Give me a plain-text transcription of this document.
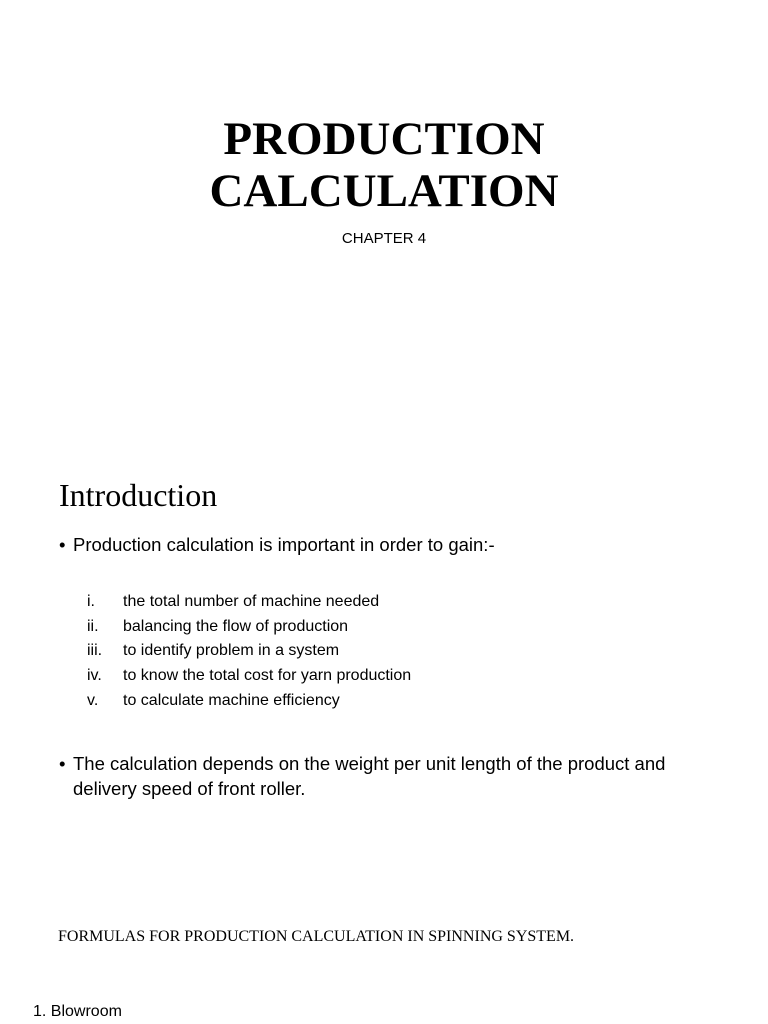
PRODUCTION
CALCULATION
CHAPTER 4
Introduction
• Production calculation is important in order to gain:-
i.	the total number of machine needed
ii.	balancing the flow of production
iii.	to identify problem in a system
iv.	to know the total cost for yarn production
v.	to calculate machine efficiency
• The calculation depends on the weight per unit length of the product and delivery speed of front roller.
FORMULAS FOR PRODUCTION CALCULATION IN SPINNING SYSTEM.
1. Blowroom
